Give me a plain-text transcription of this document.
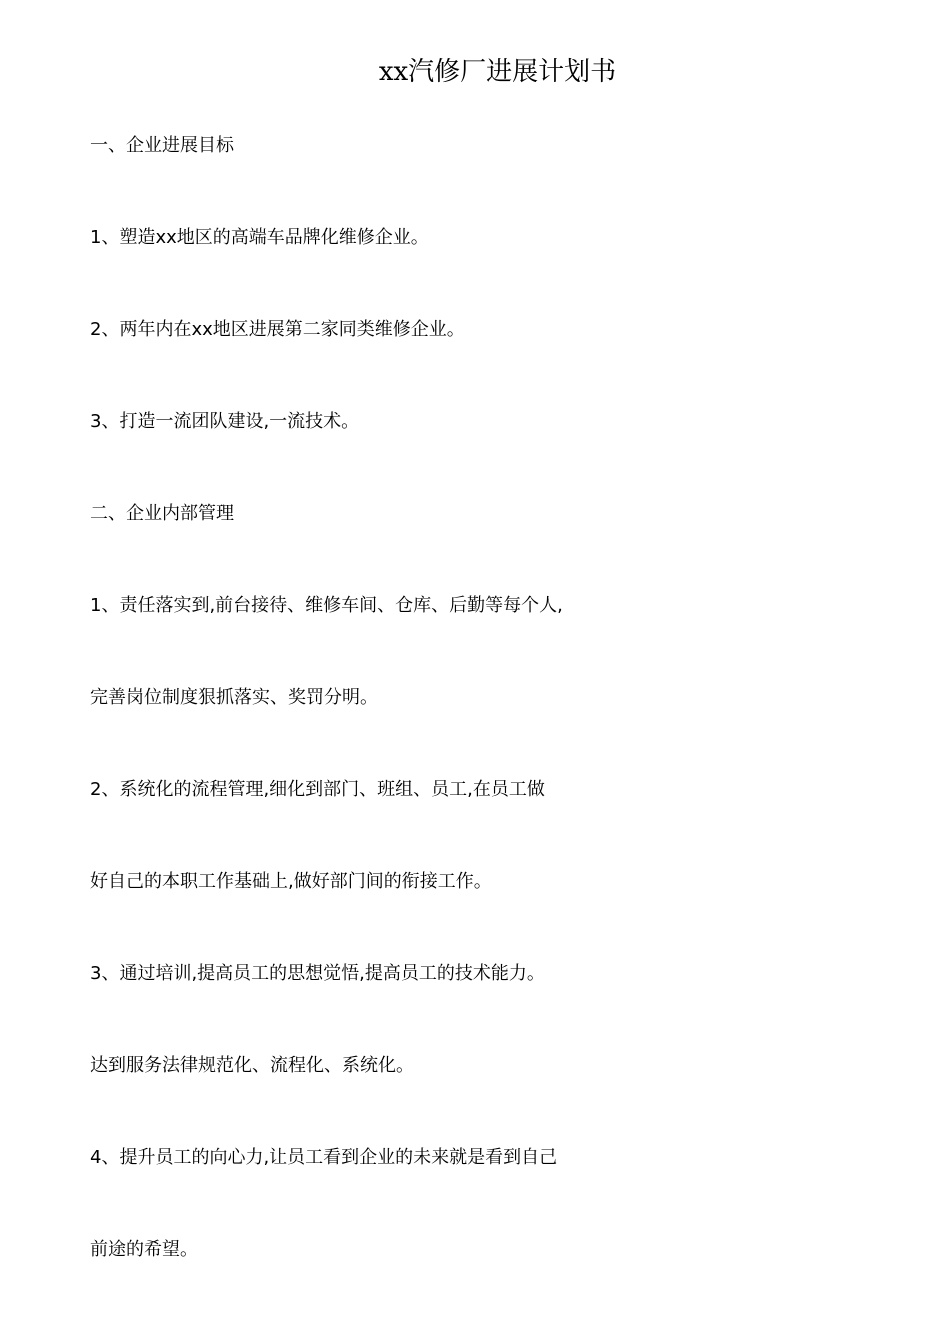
xx汽修厂进展计划书
一、企业进展目标
1、塑造xx地区的高端车品牌化维修企业。
2、两年内在xx地区进展第二家同类维修企业。
3、打造一流团队建设,一流技术。
二、企业内部管理
1、责任落实到,前台接待、维修车间、仓库、后勤等每个人,
完善岗位制度狠抓落实、奖罚分明。
2、系统化的流程管理,细化到部门、班组、员工,在员工做
好自己的本职工作基础上,做好部门间的衔接工作。
3、通过培训,提高员工的思想觉悟,提高员工的技术能力。
达到服务法律规范化、流程化、系统化。
4、提升员工的向心力,让员工看到企业的未来就是看到自己
前途的希望。
